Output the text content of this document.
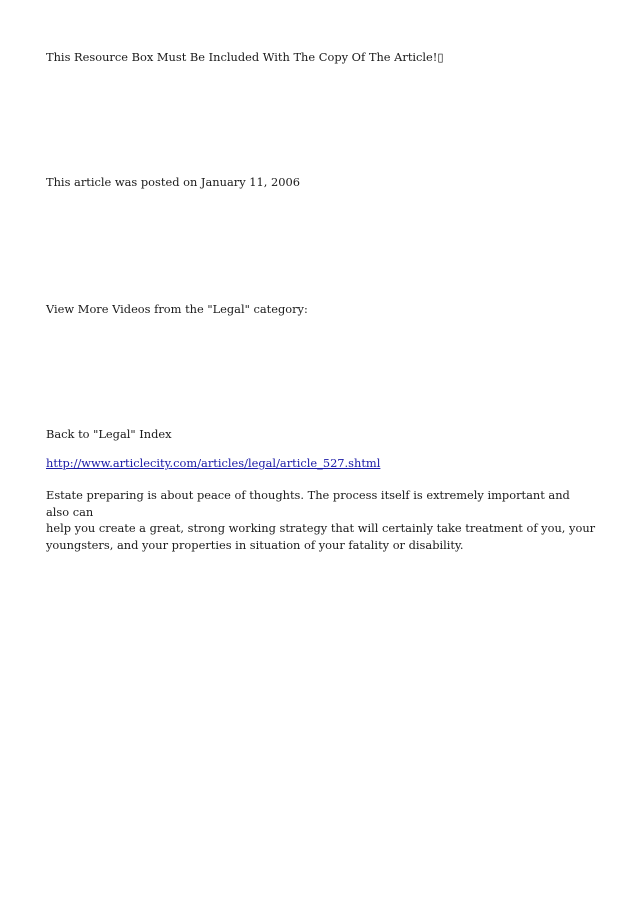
This Resource Box Must Be Included With The Copy Of The Article!▯

This article was posted on January 11, 2006

View More Videos from the "Legal" category:

Back to "Legal" Index

http://www.articlecity.com/articles/legal/article_527.shtml

Estate preparing is about peace of thoughts. The process itself is extremely important and also can
help you create a great, strong working strategy that will certainly take treatment of you, your
youngsters, and your properties in situation of your fatality or disability.
